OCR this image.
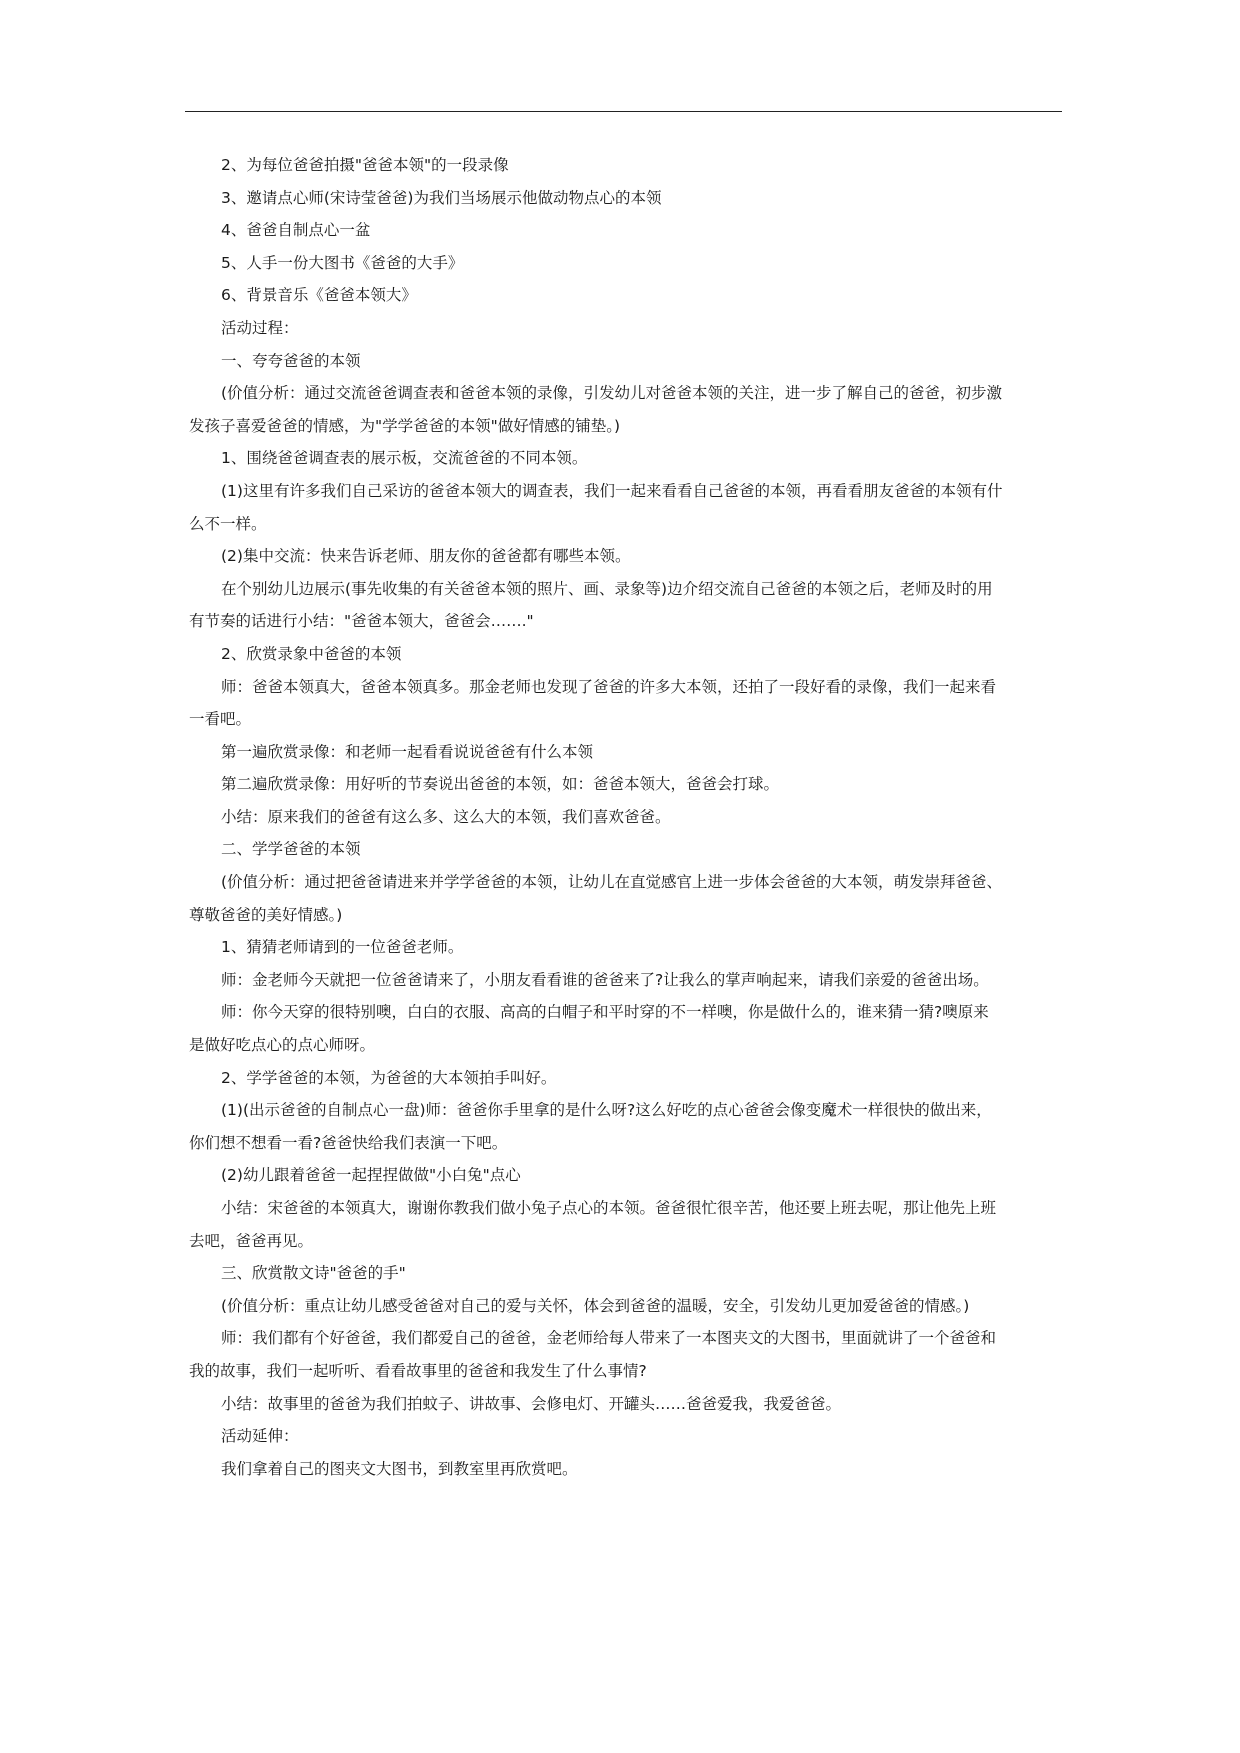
2、为每位爸爸拍摄"爸爸本领"的一段录像
3、邀请点心师(宋诗莹爸爸)为我们当场展示他做动物点心的本领
4、爸爸自制点心一盆
5、人手一份大图书《爸爸的大手》
6、背景音乐《爸爸本领大》
活动过程：
一、夸夸爸爸的本领
(价值分析：通过交流爸爸调查表和爸爸本领的录像，引发幼儿对爸爸本领的关注，进一步了解自己的爸爸，初步激
发孩子喜爱爸爸的情感，为"学学爸爸的本领"做好情感的铺垫。)
1、围绕爸爸调查表的展示板，交流爸爸的不同本领。
(1)这里有许多我们自己采访的爸爸本领大的调查表，我们一起来看看自己爸爸的本领，再看看朋友爸爸的本领有什
么不一样。
(2)集中交流：快来告诉老师、朋友你的爸爸都有哪些本领。
在个别幼儿边展示(事先收集的有关爸爸本领的照片、画、录象等)边介绍交流自己爸爸的本领之后，老师及时的用
有节奏的话进行小结："爸爸本领大，爸爸会……."
2、欣赏录象中爸爸的本领
师：爸爸本领真大，爸爸本领真多。那金老师也发现了爸爸的许多大本领，还拍了一段好看的录像，我们一起来看
一看吧。
第一遍欣赏录像：和老师一起看看说说爸爸有什么本领
第二遍欣赏录像：用好听的节奏说出爸爸的本领，如：爸爸本领大，爸爸会打球。
小结：原来我们的爸爸有这么多、这么大的本领，我们喜欢爸爸。
二、学学爸爸的本领
(价值分析：通过把爸爸请进来并学学爸爸的本领，让幼儿在直觉感官上进一步体会爸爸的大本领，萌发崇拜爸爸、
尊敬爸爸的美好情感。)
1、猜猜老师请到的一位爸爸老师。
师：金老师今天就把一位爸爸请来了，小朋友看看谁的爸爸来了?让我么的掌声响起来，请我们亲爱的爸爸出场。
师：你今天穿的很特别噢，白白的衣服、高高的白帽子和平时穿的不一样噢，你是做什么的，谁来猜一猜?噢原来
是做好吃点心的点心师呀。
2、学学爸爸的本领，为爸爸的大本领拍手叫好。
(1)(出示爸爸的自制点心一盘)师：爸爸你手里拿的是什么呀?这么好吃的点心爸爸会像变魔术一样很快的做出来，
你们想不想看一看?爸爸快给我们表演一下吧。
(2)幼儿跟着爸爸一起捏捏做做"小白兔"点心
小结：宋爸爸的本领真大，谢谢你教我们做小兔子点心的本领。爸爸很忙很辛苦，他还要上班去呢，那让他先上班
去吧，爸爸再见。
三、欣赏散文诗"爸爸的手"
(价值分析：重点让幼儿感受爸爸对自己的爱与关怀，体会到爸爸的温暖，安全，引发幼儿更加爱爸爸的情感。)
师：我们都有个好爸爸，我们都爱自己的爸爸，金老师给每人带来了一本图夹文的大图书，里面就讲了一个爸爸和
我的故事，我们一起听听、看看故事里的爸爸和我发生了什么事情?
小结：故事里的爸爸为我们拍蚊子、讲故事、会修电灯、开罐头……爸爸爱我，我爱爸爸。
活动延伸：
我们拿着自己的图夹文大图书，到教室里再欣赏吧。
